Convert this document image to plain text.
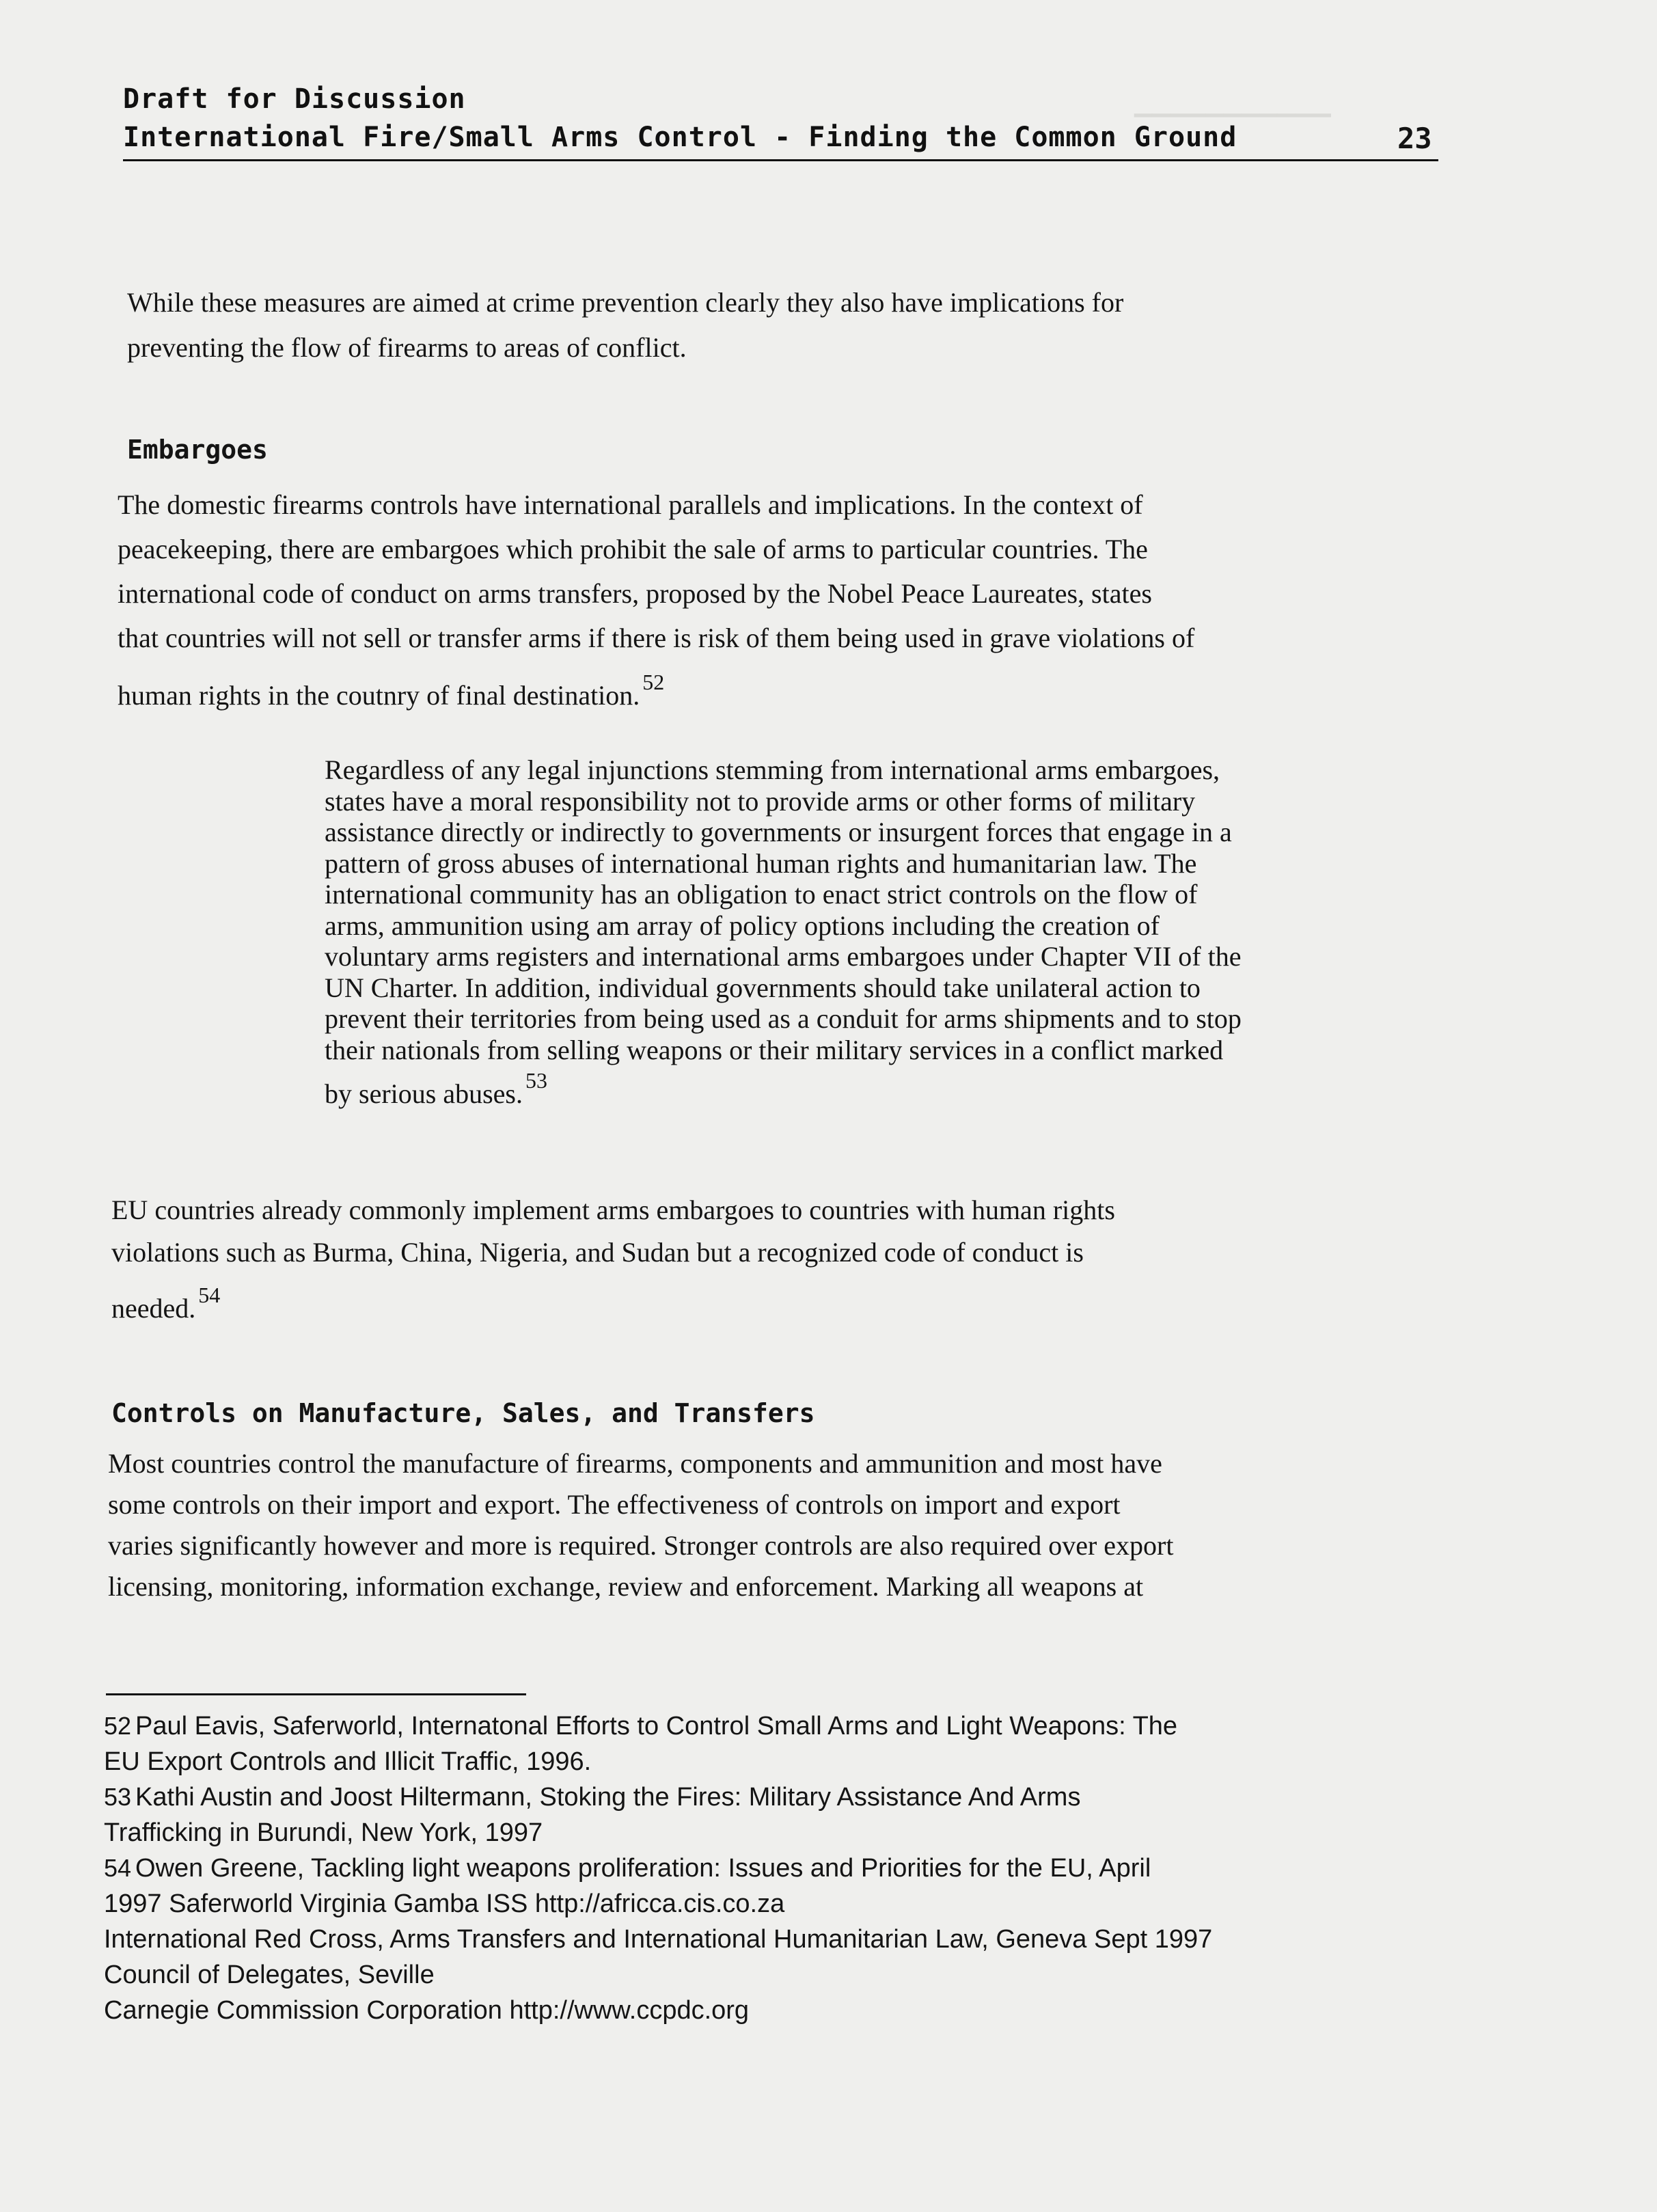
▁▁▁▁▁▁▁▁▁▁▁
Draft for Discussion
International Fire/Small Arms Control - Finding the Common Ground	23
While these measures are aimed at crime prevention clearly they also have implications for
preventing the flow of firearms to areas of conflict.
Embargoes
The domestic firearms controls have international parallels and implications. In the context of
peacekeeping, there are embargoes which prohibit the sale of arms to particular countries. The
international code of conduct on arms transfers, proposed by the Nobel Peace Laureates, states
that countries will not sell or transfer arms if there is risk of them being used in grave violations of
human rights in the coutnry of final destination. $^{52}$
Regardless of any legal injunctions stemming from international arms embargoes,
states have a moral responsibility not to provide arms or other forms of military
assistance directly or indirectly to governments or insurgent forces that engage in a
pattern of gross abuses of international human rights and humanitarian law. The
international community has an obligation to enact strict controls on the flow of
arms, ammunition using am array of policy options including the creation of
voluntary arms registers and international arms embargoes under Chapter VII of the
UN Charter. In addition, individual governments should take unilateral action to
prevent their territories from being used as a conduit for arms shipments and to stop
their nationals from selling weapons or their military services in a conflict marked
by serious abuses. $^{53}$
EU countries already commonly implement arms embargoes to countries with human rights
violations such as Burma, China, Nigeria, and Sudan but a recognized code of conduct is
needed. $^{54}$
Controls on Manufacture, Sales, and Transfers
Most countries control the manufacture of firearms, components and ammunition and most have
some controls on their import and export. The effectiveness of controls on import and export
varies significantly however and more is required. Stronger controls are also required over export
licensing, monitoring, information exchange, review and enforcement. Marking all weapons at
52 Paul Eavis, Saferworld, Internatonal Efforts to Control Small Arms and Light Weapons: The
EU Export Controls and Illicit Traffic, 1996.
53 Kathi Austin and Joost Hiltermann, Stoking the Fires: Military Assistance And Arms
Trafficking in Burundi, New York, 1997
54 Owen Greene, Tackling light weapons proliferation: Issues and Priorities for the EU, April
1997 Saferworld Virginia Gamba ISS http://africca.cis.co.za
International Red Cross, Arms Transfers and International Humanitarian Law, Geneva Sept 1997
Council of Delegates, Seville
Carnegie Commission Corporation http://www.ccpdc.org
